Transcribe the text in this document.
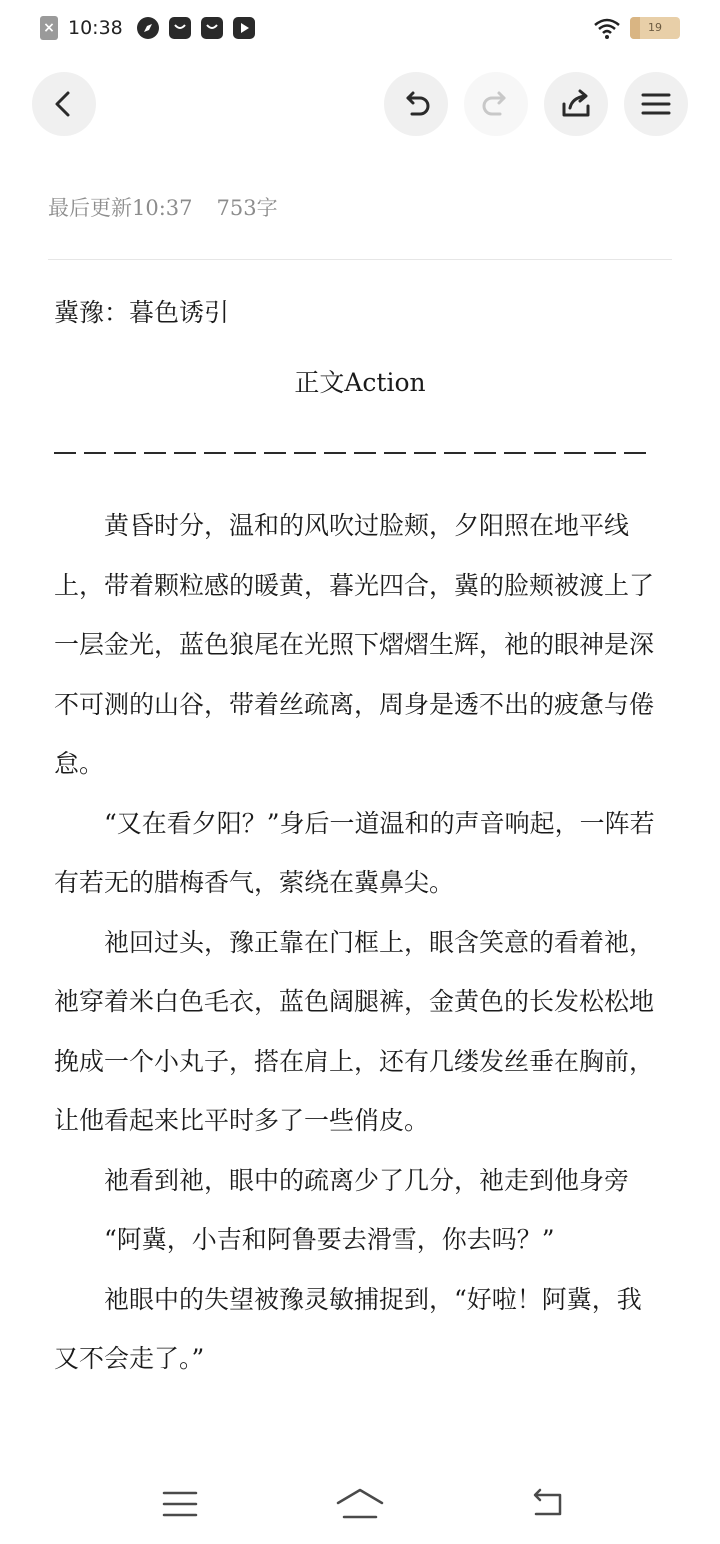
× 10:38	19
最后更新10:37 753字
冀豫：暮色诱引
正文Action

黄昏时分，温和的风吹过脸颊，夕阳照在地平线上，带着颗粒感的暖黄，暮光四合，冀的脸颊被渡上了一层金光，蓝色狼尾在光照下熠熠生辉，祂的眼神是深不可测的山谷，带着丝疏离，周身是透不出的疲惫与倦怠。

“又在看夕阳？”身后一道温和的声音响起，一阵若有若无的腊梅香气，萦绕在冀鼻尖。

祂回过头，豫正靠在门框上，眼含笑意的看着祂，祂穿着米白色毛衣，蓝色阔腿裤，金黄色的长发松松地挽成一个小丸子，搭在肩上，还有几缕发丝垂在胸前，让他看起来比平时多了一些俏皮。

祂看到祂，眼中的疏离少了几分，祂走到他身旁

“阿冀，小吉和阿鲁要去滑雪，你去吗？”

祂眼中的失望被豫灵敏捕捉到，“好啦！阿冀，我又不会走了。”
